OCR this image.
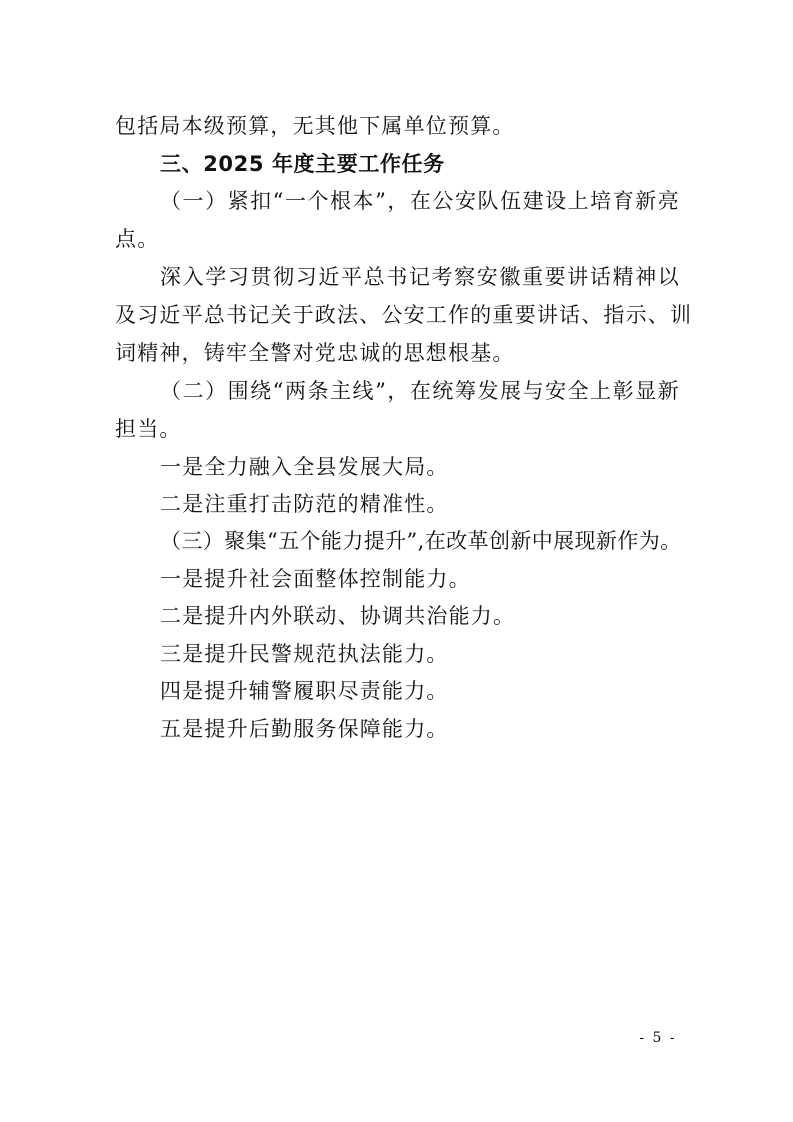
包括局本级预算，无其他下属单位预算。
三、2025 年度主要工作任务
（一）紧扣“一个根本”，在公安队伍建设上培育新亮
点。
深入学习贯彻习近平总书记考察安徽重要讲话精神以
及习近平总书记关于政法、公安工作的重要讲话、指示、训
词精神，铸牢全警对党忠诚的思想根基。
（二）围绕“两条主线”，在统筹发展与安全上彰显新
担当。
一是全力融入全县发展大局。
二是注重打击防范的精准性。
（三）聚集“五个能力提升”,在改革创新中展现新作为。
一是提升社会面整体控制能力。
二是提升内外联动、协调共治能力。
三是提升民警规范执法能力。
四是提升辅警履职尽责能力。
五是提升后勤服务保障能力。
- 5 -
